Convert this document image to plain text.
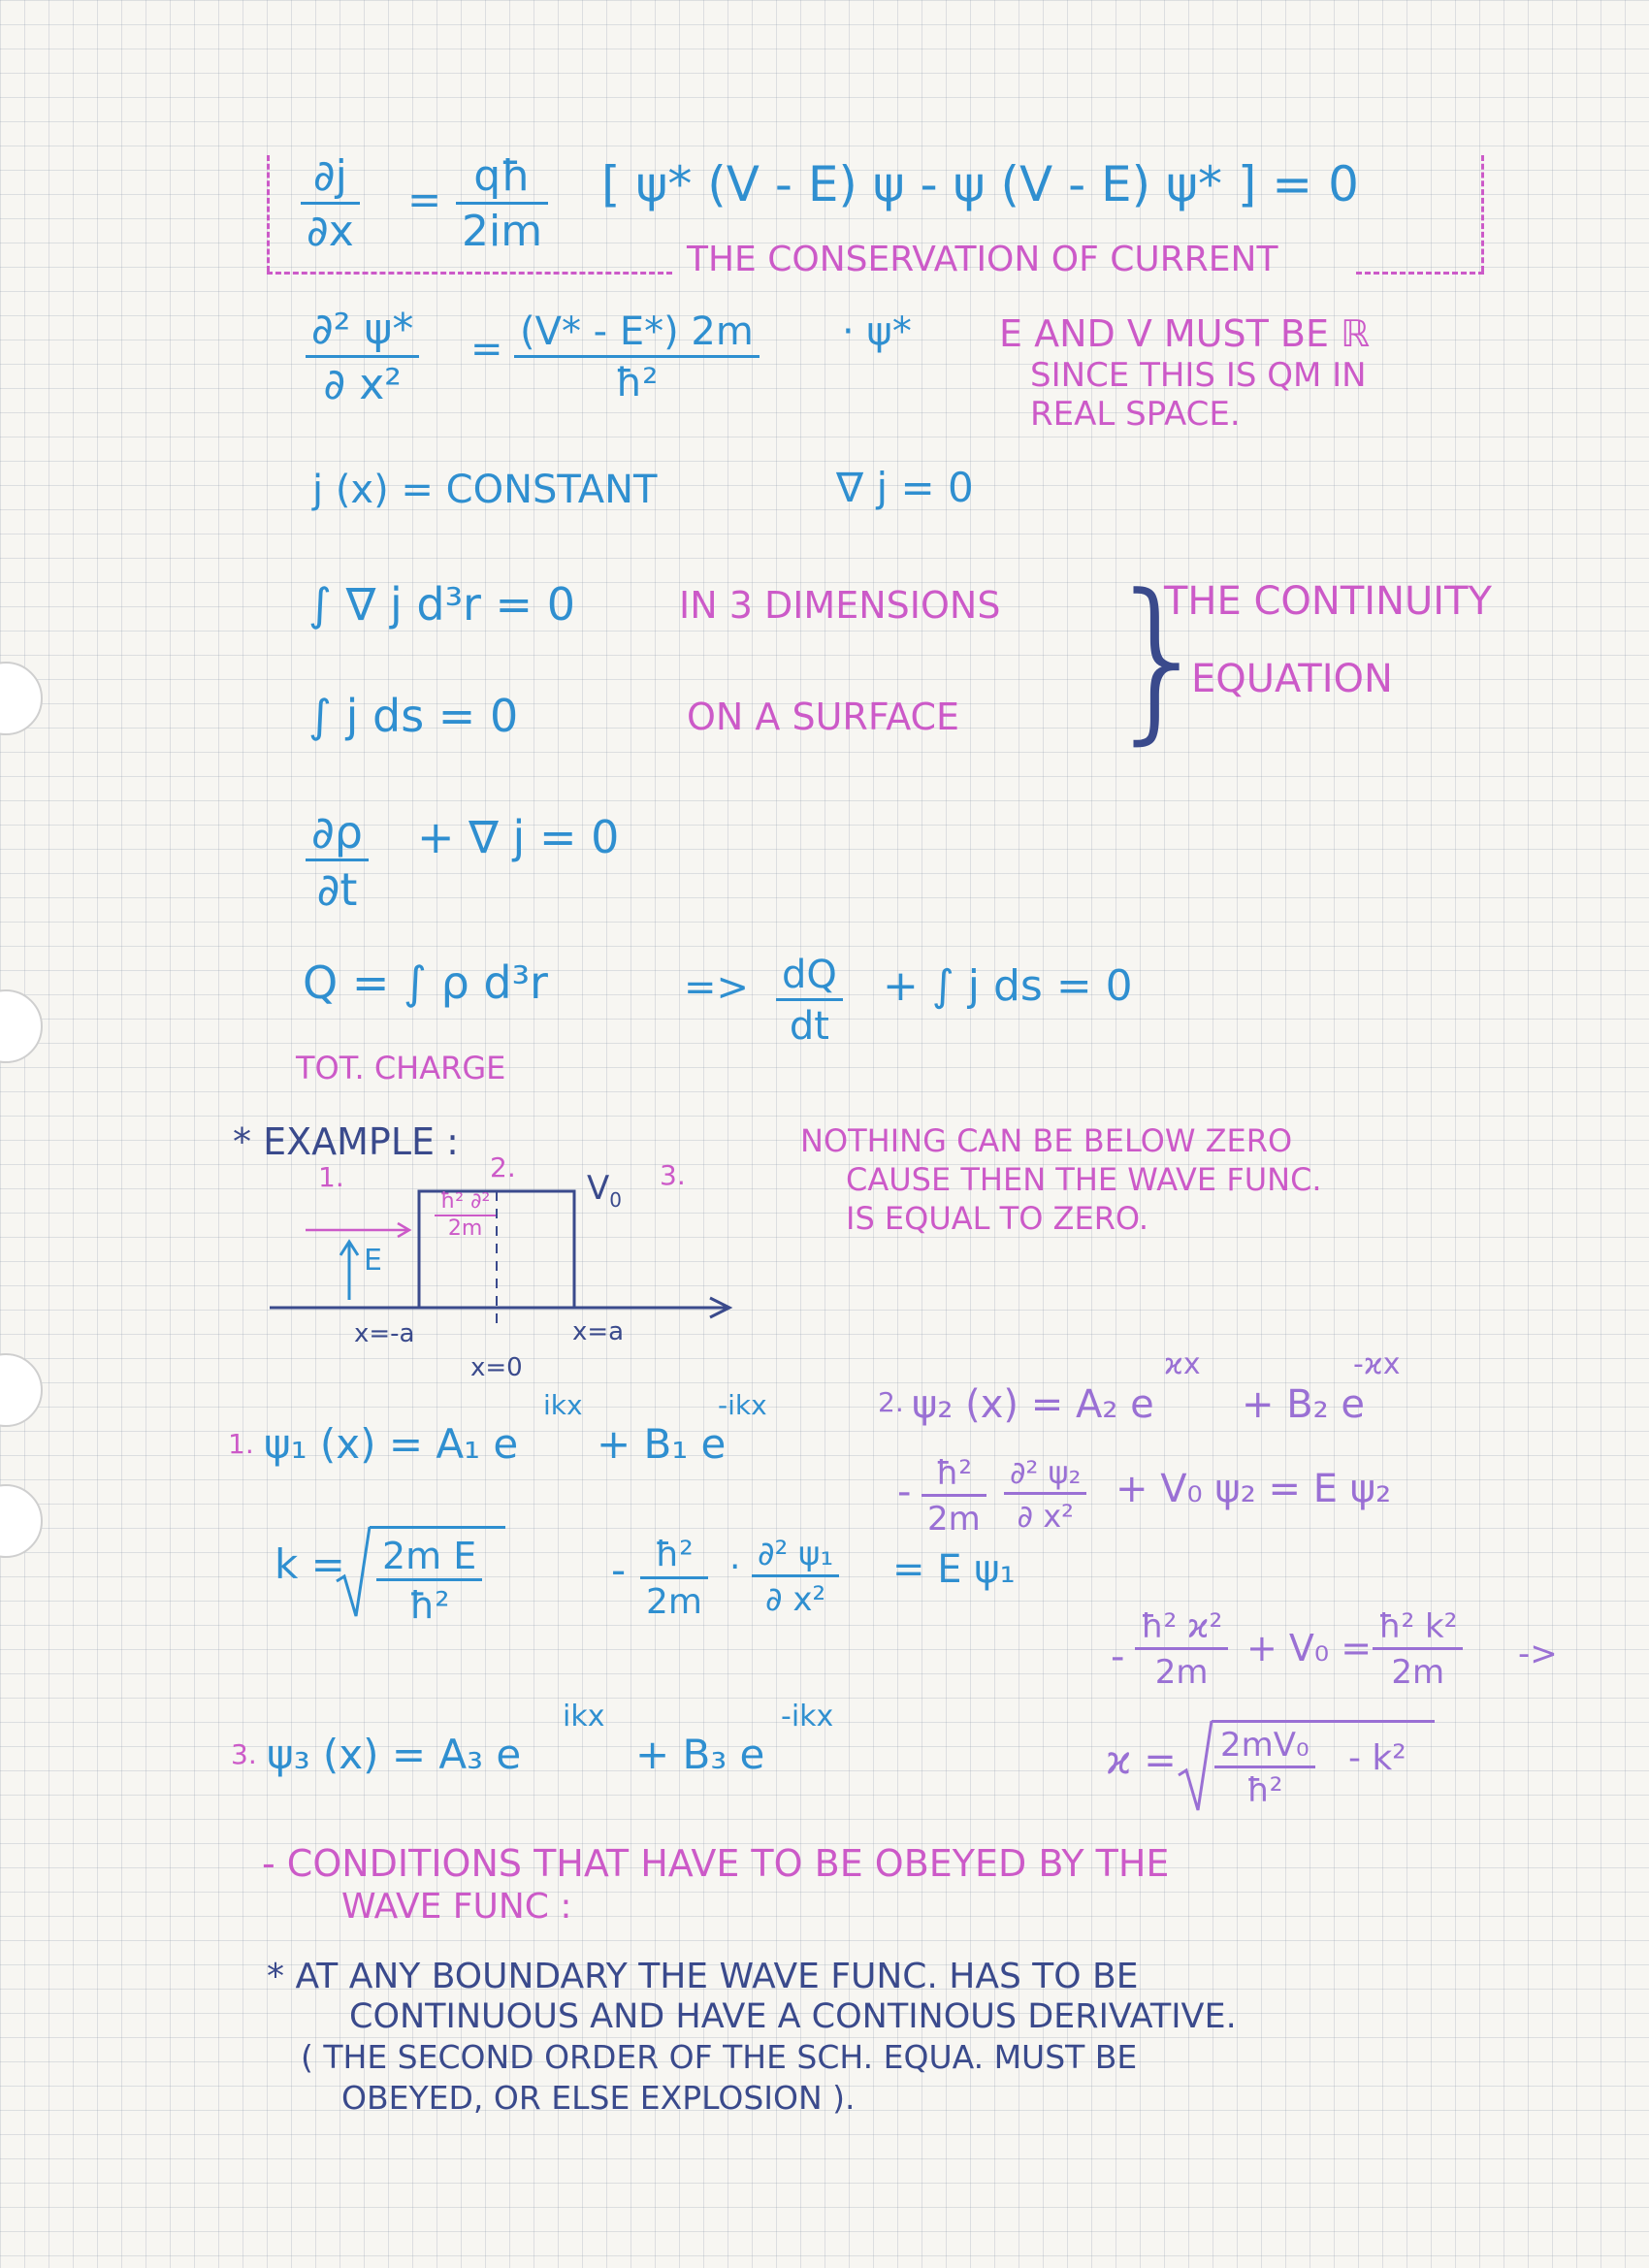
$\frac{\partial j}{\partial x} = \frac{qħ}{2im}$ [ ψ* (V - E) ψ - ψ (V - E) ψ* ] = 0
THE CONSERVATION OF CURRENT
$\frac{\text{∂² ψ*}}{\text{∂ x²}} = \frac{(V* - E*) 2m}{\text{ħ²}} \cdot \psi*$ E AND V MUST BE ℝ
SINCE THIS IS QM IN
REAL SPACE.
j (x) = CONSTANT	∇ j = 0
∫ ∇ j d³r = 0	IN 3 DIMENSIONS
∫ j ds = 0	ON A SURFACE }
THE CONTINUITY
EQUATION
$\frac{\partial\rho}{\partial t}$ + ∇ j = 0
Q = ∫ ρ d³r	=> $\frac{dQ}{dt}$ + ∫ j ds = 0
TOT. CHARGE
* EXAMPLE :
1.	2.	3.
$V_0$
E
$\frac{\text{ħ² ∂²}}{2m}$
x=-a	x=a
x=0
NOTHING CAN BE BELOW ZERO
CAUSE THEN THE WAVE FUNC.
IS EQUAL TO ZERO.
1. ψ₁ (x) = A₁ e
ikx
+ B₁ e
-ikx
$k = \frac{\text{2m E}}{\text{ħ²}}$	- $\frac{\text{ħ²}}{2m} \cdot \frac{\text{∂² ψ₁}}{\text{∂ x²}} = E$ ψ₁
2. ψ₂ (x) = A₂ e
ϰx
+ B₂ e
-ϰx
- $\frac{\text{ħ²}}{2m} \frac{\text{∂² ψ₂}}{\text{∂ x²}} + V_0$ ψ₂ = E ψ₂
- $\frac{\text{ħ² ϰ²}}{2m} + V_0 = \frac{\text{ħ² k²}}{2m}$ ->
$ϰ = \frac{\text{2mV₀}}{\text{ħ²}} - k^2$
3. ψ₃ (x) = A₃ e
ikx
+ B₃ e
-ikx
- CONDITIONS THAT HAVE TO BE OBEYED BY THE
WAVE FUNC :
* AT ANY BOUNDARY THE WAVE FUNC. HAS TO BE
CONTINUOUS AND HAVE A CONTINOUS DERIVATIVE.
( THE SECOND ORDER OF THE SCH. EQUA. MUST BE
OBEYED, OR ELSE EXPLOSION ).
